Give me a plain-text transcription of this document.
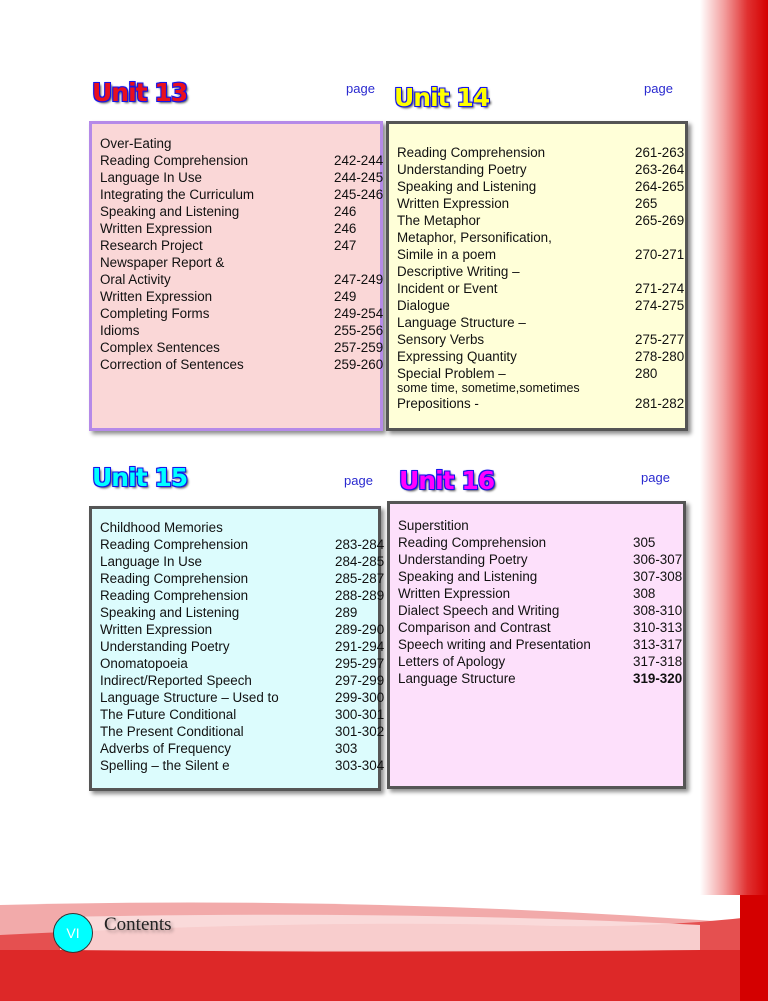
Unit 13	page
Over-Eating
Reading Comprehension	242-244
Language In Use	244-245
Integrating the Curriculum	245-246
Speaking and Listening	246
Written Expression	246
Research Project	247
Newspaper Report &
Oral Activity	247-249
Written Expression	249
Completing Forms	249-254
Idioms	255-256
Complex Sentences	257-259
Correction of Sentences	259-260
Unit 14	page
Reading Comprehension	261-263
Understanding Poetry	263-264
Speaking and Listening	264-265
Written Expression	265
The Metaphor	265-269
Metaphor, Personification,
Simile in a poem	270-271
Descriptive Writing –
Incident or Event	271-274
Dialogue	274-275
Language Structure –
Sensory Verbs	275-277
Expressing Quantity	278-280
Special Problem –	280
some time, sometime,sometimes
Prepositions -	281-282
Unit 15	page
Childhood Memories
Reading Comprehension	283-284
Language In Use	284-285
Reading Comprehension	285-287
Reading Comprehension	288-289
Speaking and Listening	289
Written Expression	289-290
Understanding Poetry	291-294
Onomatopoeia	295-297
Indirect/Reported Speech	297-299
Language Structure – Used to	299-300
The Future Conditional	300-301
The Present Conditional	301-302
Adverbs of Frequency	303
Spelling – the Silent e	303-304
Unit 16	page
Superstition
Reading Comprehension	305
Understanding Poetry	306-307
Speaking and Listening	307-308
Written Expression	308
Dialect Speech and Writing	308-310
Comparison and Contrast	310-313
Speech writing and Presentation	313-317
Letters of Apology	317-318
Language Structure	319-320
VI	Contents
